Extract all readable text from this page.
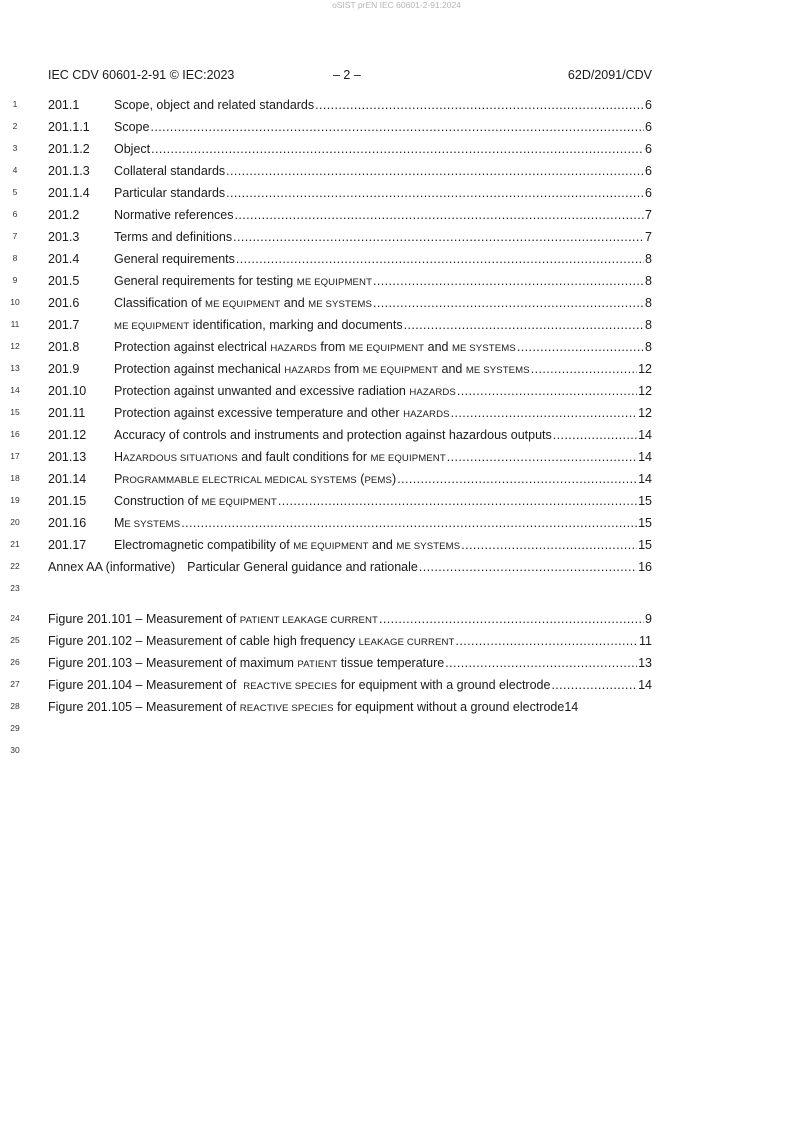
oSIST prEN IEC 60601-2-91:2024
IEC CDV 60601-2-91 © IEC:2023	– 2 –	62D/2091/CDV
1	201.1	Scope, object and related standards .....	6
2	201.1.1	Scope .....	6
3	201.1.2	Object .....	6
4	201.1.3	Collateral standards .....	6
5	201.1.4	Particular standards .....	6
6	201.2	Normative references .....	7
7	201.3	Terms and definitions .....	7
8	201.4	General requirements .....	8
9	201.5	General requirements for testing ME EQUIPMENT .....	8
10	201.6	Classification of ME EQUIPMENT and ME SYSTEMS .....	8
11	201.7	ME EQUIPMENT identification, marking and documents .....	8
12	201.8	Protection against electrical HAZARDS from ME EQUIPMENT and ME SYSTEMS .....	8
13	201.9	Protection against mechanical HAZARDS from ME EQUIPMENT and ME SYSTEMS .....	12
14	201.10	Protection against unwanted and excessive radiation HAZARDS .....	12
15	201.11	Protection against excessive temperature and other HAZARDS .....	12
16	201.12	Accuracy of controls and instruments and protection against hazardous outputs .....	14
17	201.13	HAZARDOUS SITUATIONS and fault conditions for ME EQUIPMENT .....	14
18	201.14	PROGRAMMABLE ELECTRICAL MEDICAL SYSTEMS (PEMS) .....	14
19	201.15	Construction of ME EQUIPMENT .....	15
20	201.16	ME SYSTEMS .....	15
21	201.17	Electromagnetic compatibility of ME EQUIPMENT and ME SYSTEMS .....	15
22	Annex AA (informative) Particular General guidance and rationale .....	16
23
24	Figure 201.101 – Measurement of PATIENT LEAKAGE CURRENT .....	9
25	Figure 201.102 – Measurement of cable high frequency LEAKAGE CURRENT .....	11
26	Figure 201.103 – Measurement of maximum PATIENT tissue temperature .....	13
27	Figure 201.104 – Measurement of  REACTIVE SPECIES for equipment with a ground electrode .....	14
28	Figure 201.105 – Measurement of REACTIVE SPECIES for equipment without a ground electrode 14
29
30
